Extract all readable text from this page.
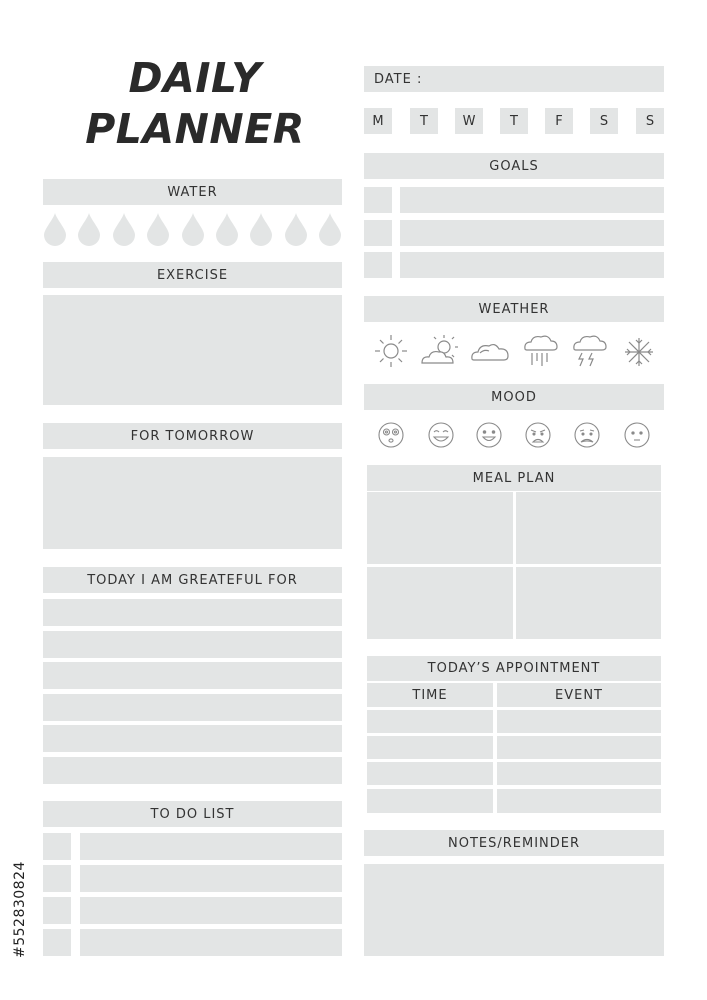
DAILY
PLANNER
WATER
EXERCISE
FOR TOMORROW
TODAY I AM GREATEFUL FOR
TO DO LIST
#552830824
DATE :
M	T	W	T	F	S	S
GOALS
WEATHER
MOOD
MEAL PLAN
TODAY’S APPOINTMENT
TIME	EVENT
NOTES/REMINDER
